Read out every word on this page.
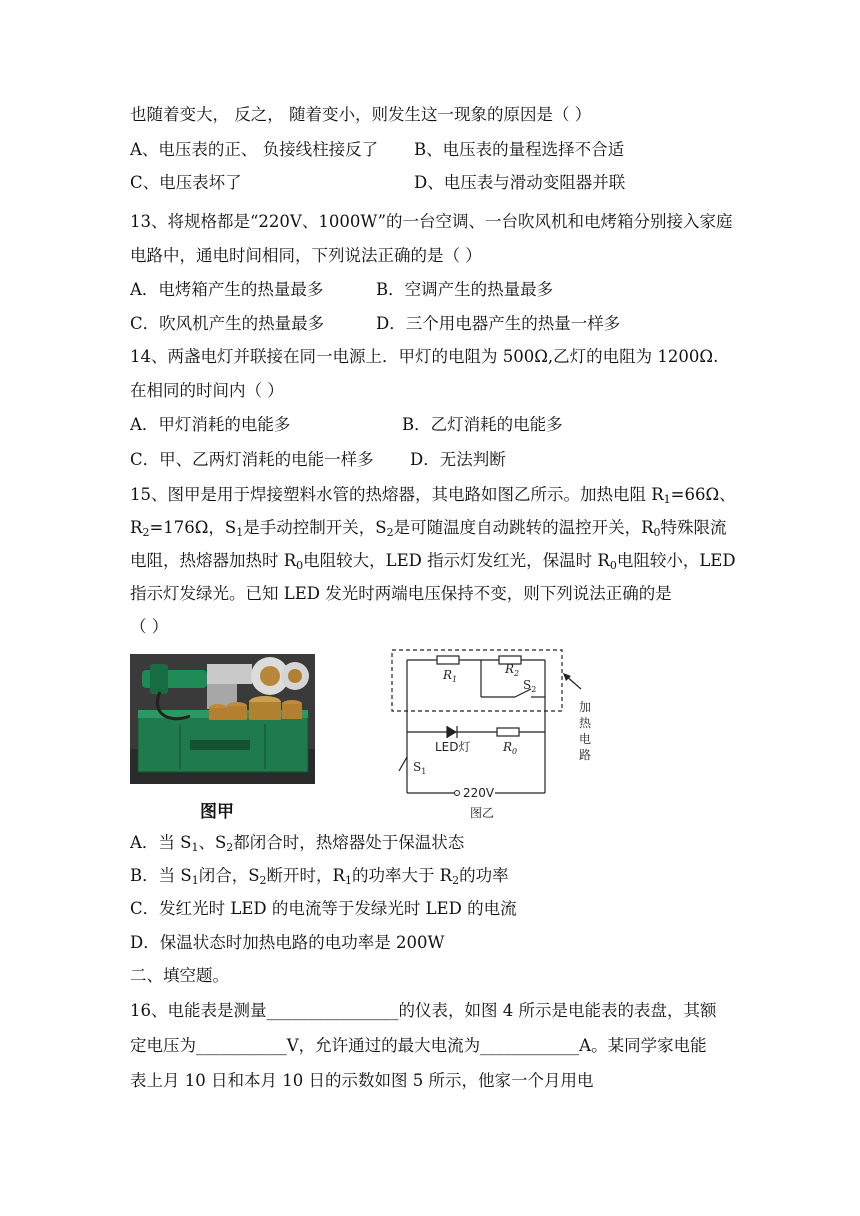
也随着变大， 反之， 随着变小，则发生这一现象的原因是（ ）
A、电压表的正、 负接线柱接反了 B、电压表的量程选择不合适
C、电压表坏了	D、电压表与滑动变阻器并联
13、将规格都是“220V、1000W”的一台空调、一台吹风机和电烤箱分别接入家庭
电路中，通电时间相同，下列说法正确的是（ ）
A．电烤箱产生的热量最多	B．空调产生的热量最多
C．吹风机产生的热量最多	D．三个用电器产生的热量一样多
14、两盏电灯并联接在同一电源上．甲灯的电阻为 500Ω,乙灯的电阻为 1200Ω.
在相同的时间内（ ）
A．甲灯消耗的电能多	B．乙灯消耗的电能多
C．甲、乙两灯消耗的电能一样多 D．无法判断
15、图甲是用于焊接塑料水管的热熔器，其电路如图乙所示。加热电阻 $R_1=66\Omega$、
$R_2=176\Omega$，$S_1$是手动控制开关，$S_2$是可随温度自动跳转的温控开关，$R_0$特殊限流
电阻，热熔器加热时 $R_0$电阻较大，LED 指示灯发红光，保温时 $R_0$电阻较小，LED
指示灯发绿光。已知 LED 发光时两端电压保持不变，则下列说法正确的是
（ ）
图甲
$R_1$
$R_2$
$S_2$
$R_0$
$S_1$
LED灯
220V
图乙
加
热
电
路
A．当 $S_1$、$S_2$都闭合时，热熔器处于保温状态
B．当 $S_1$闭合，$S_2$断开时，$R_1$的功率大于 $R_2$的功率
C．发红光时 LED 的电流等于发绿光时 LED 的电流
D．保温状态时加热电路的电功率是 200W
二、填空题。
16、电能表是测量________________的仪表，如图 4 所示是电能表的表盘，其额
定电压为___________V，允许通过的最大电流为____________A。某同学家电能
表上月 10 日和本月 10 日的示数如图 5 所示，他家一个月用电
